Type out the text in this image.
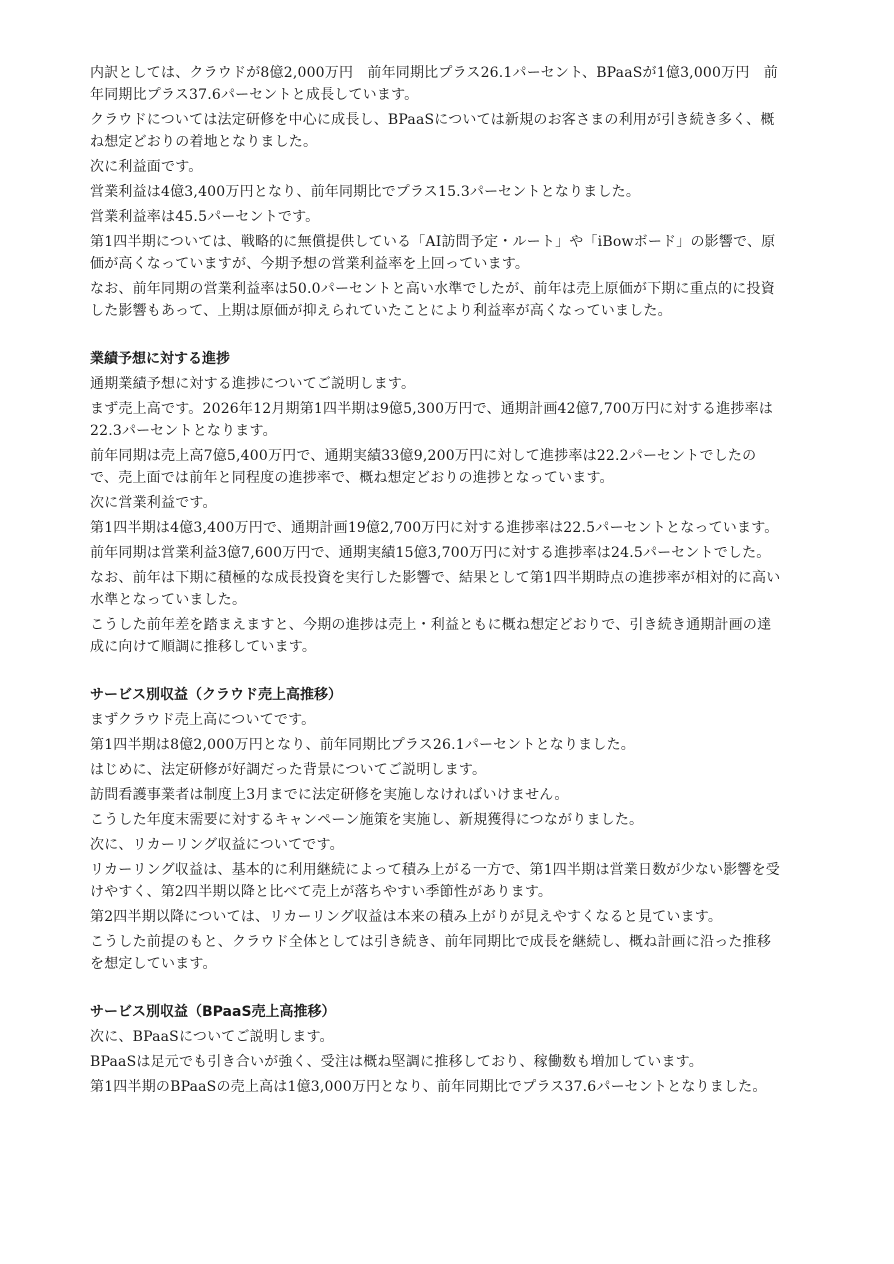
内訳としては、クラウドが8億2,000万円　前年同期比プラス26.1パーセント、BPaaSが1億3,000万円　前年同期比プラス37.6パーセントと成長しています。

クラウドについては法定研修を中心に成長し、BPaaSについては新規のお客さまの利用が引き続き多く、概ね想定どおりの着地となりました。

次に利益面です。

営業利益は4億3,400万円となり、前年同期比でプラス15.3パーセントとなりました。

営業利益率は45.5パーセントです。

第1四半期については、戦略的に無償提供している「AI訪問予定・ルート」や「iBowボード」の影響で、原価が高くなっていますが、今期予想の営業利益率を上回っています。

なお、前年同期の営業利益率は50.0パーセントと高い水準でしたが、前年は売上原価が下期に重点的に投資した影響もあって、上期は原価が抑えられていたことにより利益率が高くなっていました。

業績予想に対する進捗

通期業績予想に対する進捗についてご説明します。

まず売上高です。2026年12月期第1四半期は9億5,300万円で、通期計画42億7,700万円に対する進捗率は22.3パーセントとなります。

前年同期は売上高7億5,400万円で、通期実績33億9,200万円に対して進捗率は22.2パーセントでしたので、売上面では前年と同程度の進捗率で、概ね想定どおりの進捗となっています。

次に営業利益です。

第1四半期は4億3,400万円で、通期計画19億2,700万円に対する進捗率は22.5パーセントとなっています。

前年同期は営業利益3億7,600万円で、通期実績15億3,700万円に対する進捗率は24.5パーセントでした。

なお、前年は下期に積極的な成長投資を実行した影響で、結果として第1四半期時点の進捗率が相対的に高い水準となっていました。

こうした前年差を踏まえますと、今期の進捗は売上・利益ともに概ね想定どおりで、引き続き通期計画の達成に向けて順調に推移しています。

サービス別収益（クラウド売上高推移）

まずクラウド売上高についてです。

第1四半期は8億2,000万円となり、前年同期比プラス26.1パーセントとなりました。

はじめに、法定研修が好調だった背景についてご説明します。

訪問看護事業者は制度上3月までに法定研修を実施しなければいけません。

こうした年度末需要に対するキャンペーン施策を実施し、新規獲得につながりました。

次に、リカーリング収益についてです。

リカーリング収益は、基本的に利用継続によって積み上がる一方で、第1四半期は営業日数が少ない影響を受けやすく、第2四半期以降と比べて売上が落ちやすい季節性があります。

第2四半期以降については、リカーリング収益は本来の積み上がりが見えやすくなると見ています。

こうした前提のもと、クラウド全体としては引き続き、前年同期比で成長を継続し、概ね計画に沿った推移を想定しています。

サービス別収益（BPaaS売上高推移）

次に、BPaaSについてご説明します。

BPaaSは足元でも引き合いが強く、受注は概ね堅調に推移しており、稼働数も増加しています。

第1四半期のBPaaSの売上高は1億3,000万円となり、前年同期比でプラス37.6パーセントとなりました。
